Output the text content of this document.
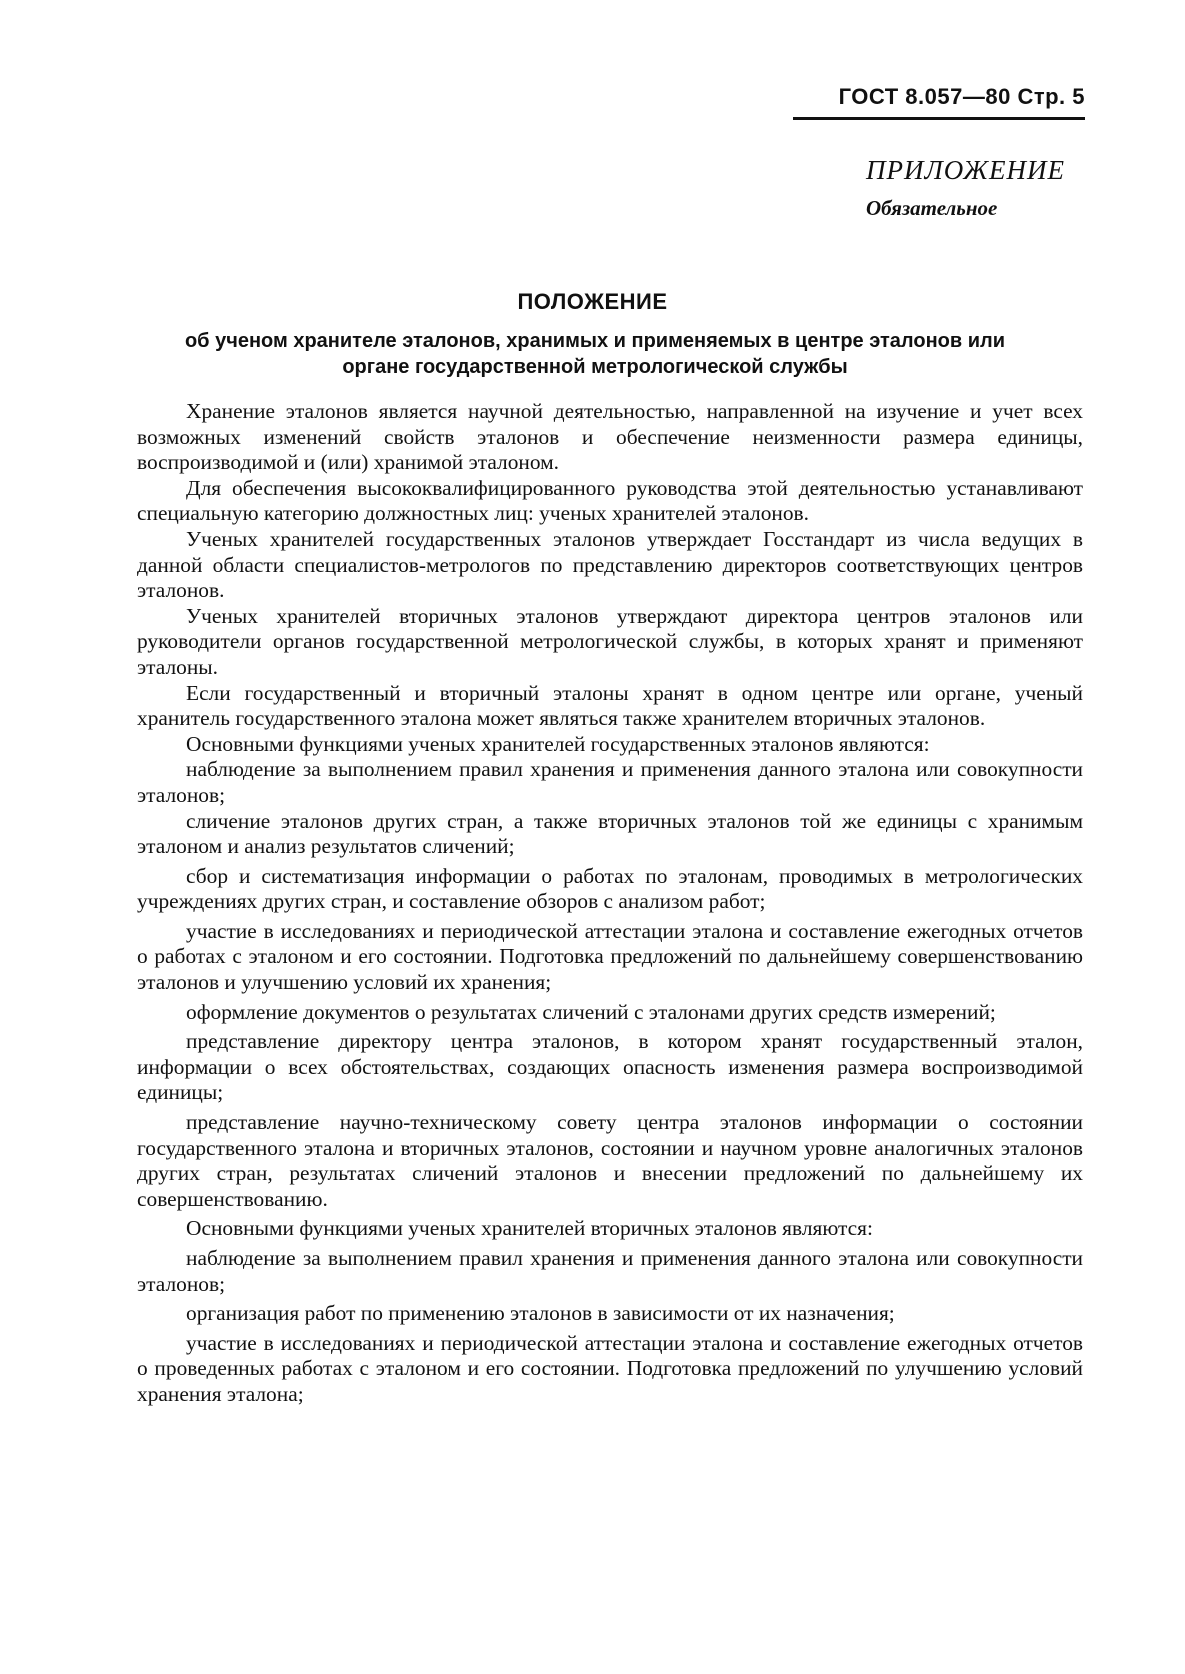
ГОСТ 8.057—80 Стр. 5
ПРИЛОЖЕНИЕ
Обязательное
ПОЛОЖЕНИЕ
об ученом хранителе эталонов, хранимых и применяемых в центре эталонов или органе государственной метрологической службы

Хранение эталонов является научной деятельностью, направленной на изучение и учет всех возможных изменений свойств эталонов и обеспечение неизменности размера единицы, воспроизводимой и (или) хранимой эталоном.

Для обеспечения высококвалифицированного руководства этой деятельностью устанавливают специальную категорию должностных лиц: ученых хранителей эталонов.

Ученых хранителей государственных эталонов утверждает Госстандарт из числа ведущих в данной области специалистов-метрологов по представлению директоров соответствующих центров эталонов.

Ученых хранителей вторичных эталонов утверждают директора центров эталонов или руководители органов государственной метрологической службы, в которых хранят и применяют эталоны.

Если государственный и вторичный эталоны хранят в одном центре или органе, ученый хранитель государственного эталона может являться также хранителем вторичных эталонов.

Основными функциями ученых хранителей государственных эталонов являются:

наблюдение за выполнением правил хранения и применения данного эталона или совокупности эталонов;

сличение эталонов других стран, а также вторичных эталонов той же единицы с хранимым эталоном и анализ результатов сличений;

сбор и систематизация информации о работах по эталонам, проводимых в метрологических учреждениях других стран, и составление обзоров с анализом работ;

участие в исследованиях и периодической аттестации эталона и составление ежегодных отчетов о работах с эталоном и его состоянии. Подготовка предложений по дальнейшему совершенствованию эталонов и улучшению условий их хранения;

оформление документов о результатах сличений с эталонами других средств измерений;

представление директору центра эталонов, в котором хранят государственный эталон, информации о всех обстоятельствах, создающих опасность изменения размера воспроизводимой единицы;

представление научно-техническому совету центра эталонов информации о состоянии государственного эталона и вторичных эталонов, состоянии и научном уровне аналогичных эталонов других стран, результатах сличений эталонов и внесении предложений по дальнейшему их совершенствованию.

Основными функциями ученых хранителей вторичных эталонов являются:

наблюдение за выполнением правил хранения и применения данного эталона или совокупности эталонов;

организация работ по применению эталонов в зависимости от их назначения;

участие в исследованиях и периодической аттестации эталона и составление ежегодных отчетов о проведенных работах с эталоном и его состоянии. Подготовка предложений по улучшению условий хранения эталона;
